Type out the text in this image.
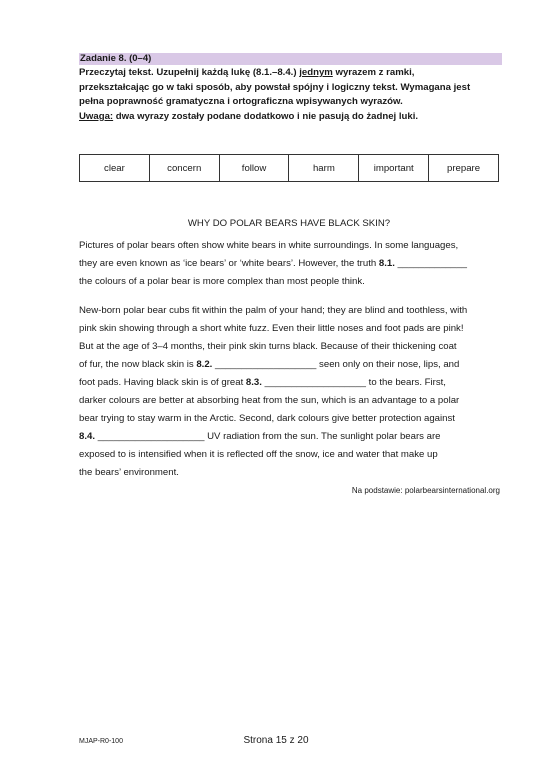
Zadanie 8. (0–4)

Przeczytaj tekst. Uzupełnij każdą lukę (8.1.–8.4.) jednym wyrazem z ramki,

przekształcając go w taki sposób, aby powstał spójny i logiczny tekst. Wymagana jest

pełna poprawność gramatyczna i ortograficzna wpisywanych wyrazów.

Uwaga: dwa wyrazy zostały podane dodatkowo i nie pasują do żadnej luki.

clear	concern	follow	harm	important	prepare
WHY DO POLAR BEARS HAVE BLACK SKIN?

Pictures of polar bears often show white bears in white surroundings. In some languages,

they are even known as ‘ice bears’ or ‘white bears’. However, the truth 8.1. _____________

the colours of a polar bear is more complex than most people think.

New-born polar bear cubs fit within the palm of your hand; they are blind and toothless, with

pink skin showing through a short white fuzz. Even their little noses and foot pads are pink!

But at the age of 3–4 months, their pink skin turns black. Because of their thickening coat

of fur, the now black skin is 8.2. ___________________ seen only on their nose, lips, and

foot pads. Having black skin is of great 8.3. ___________________ to the bears. First,

darker colours are better at absorbing heat from the sun, which is an advantage to a polar

bear trying to stay warm in the Arctic. Second, dark colours give better protection against

8.4. ____________________ UV radiation from the sun. The sunlight polar bears are

exposed to is intensified when it is reflected off the snow, ice and water that make up

the bears’ environment.

Na podstawie: polarbearsinternational.org
MJAP-R0-100	Strona 15 z 20
